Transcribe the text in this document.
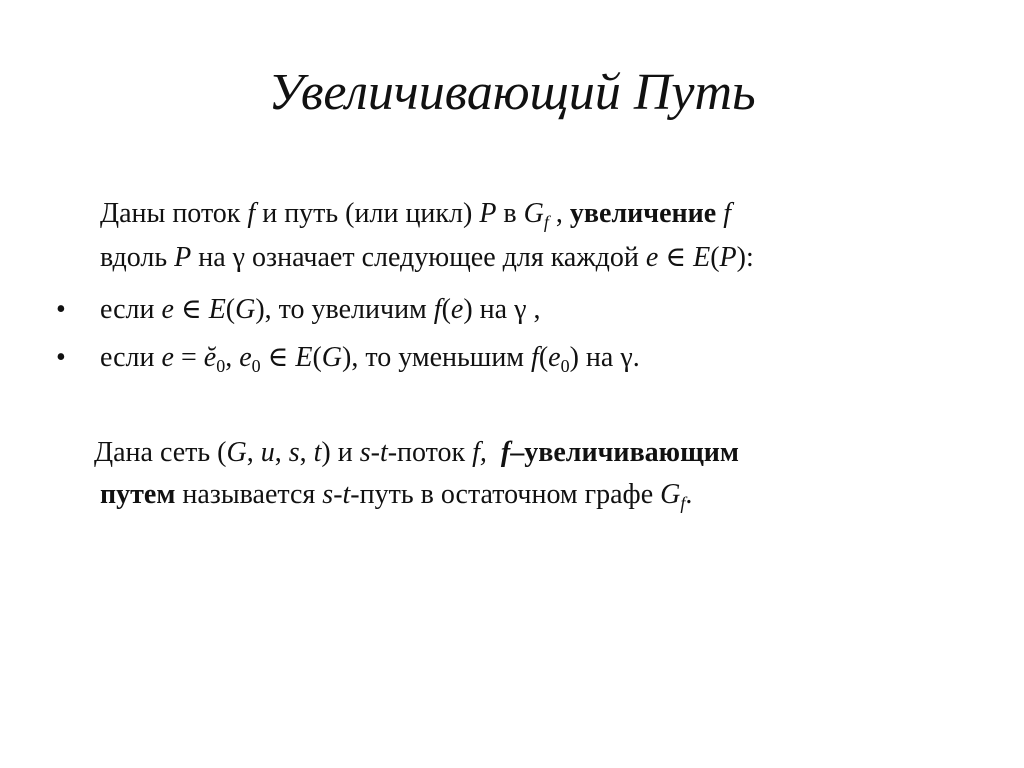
Увеличивающий Путь

Даны поток f и путь (или цикл) P в $G_f$ , увеличение f
вдоль P на γ означает следующее для каждой e ∈ E(P):

•	если e ∈ E(G), то увеличим f(e) на γ ,
•	если $e = ĕ_0$, $e_0$ ∈ E(G), то уменьшим $f(e_0)$ на γ.

Дана сеть (G, u, s, t) и s-t-поток f, f–увеличивающим
путем называется s-t-путь в остаточном графе $G_f$.
